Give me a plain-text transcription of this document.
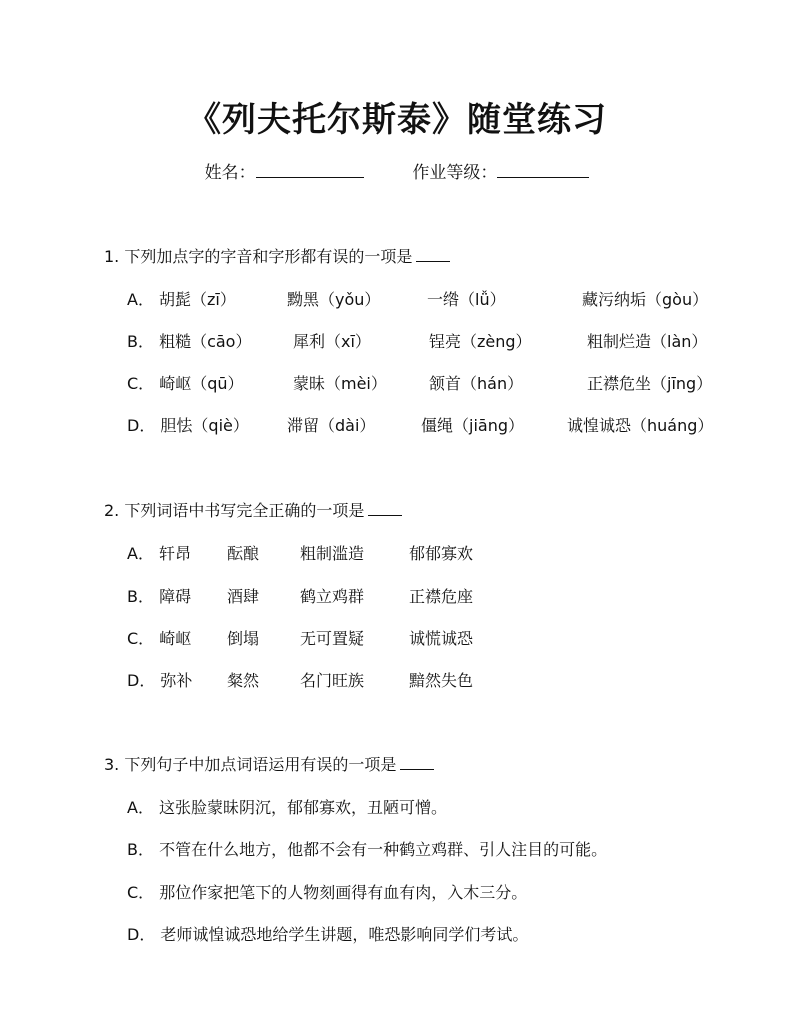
《列夫托尔斯泰》随堂练习
姓名：	作业等级：
1. 下列加点字的字音和字形都有误的一项是
A． 胡髭（zī）	黝黑（yǒu）	一绺（lǚ）	藏污纳垢（gòu）
B． 粗糙（cāo）	犀利（xī）	锃亮（zèng）	粗制烂造（làn）
C． 崎岖（qū）	蒙昧（mèi）	颔首（hán）	正襟危坐（jīng）
D． 胆怯（qiè） 滞留（dài）	僵绳（jiāng）	诚惶诚恐（huáng）
2. 下列词语中书写完全正确的一项是
A． 轩昂 酝酿	粗制滥造	郁郁寡欢
B． 障碍 酒肆	鹤立鸡群	正襟危座
C． 崎岖 倒塌	无可置疑	诚慌诚恐
D． 弥补 粲然	名门旺族	黯然失色
3. 下列句子中加点词语运用有误的一项是
A． 这张脸蒙昧阴沉，郁郁寡欢，丑陋可憎。
B． 不管在什么地方，他都不会有一种鹤立鸡群、引人注目的可能。
C． 那位作家把笔下的人物刻画得有血有肉，入木三分。
D． 老师诚惶诚恐地给学生讲题，唯恐影响同学们考试。
